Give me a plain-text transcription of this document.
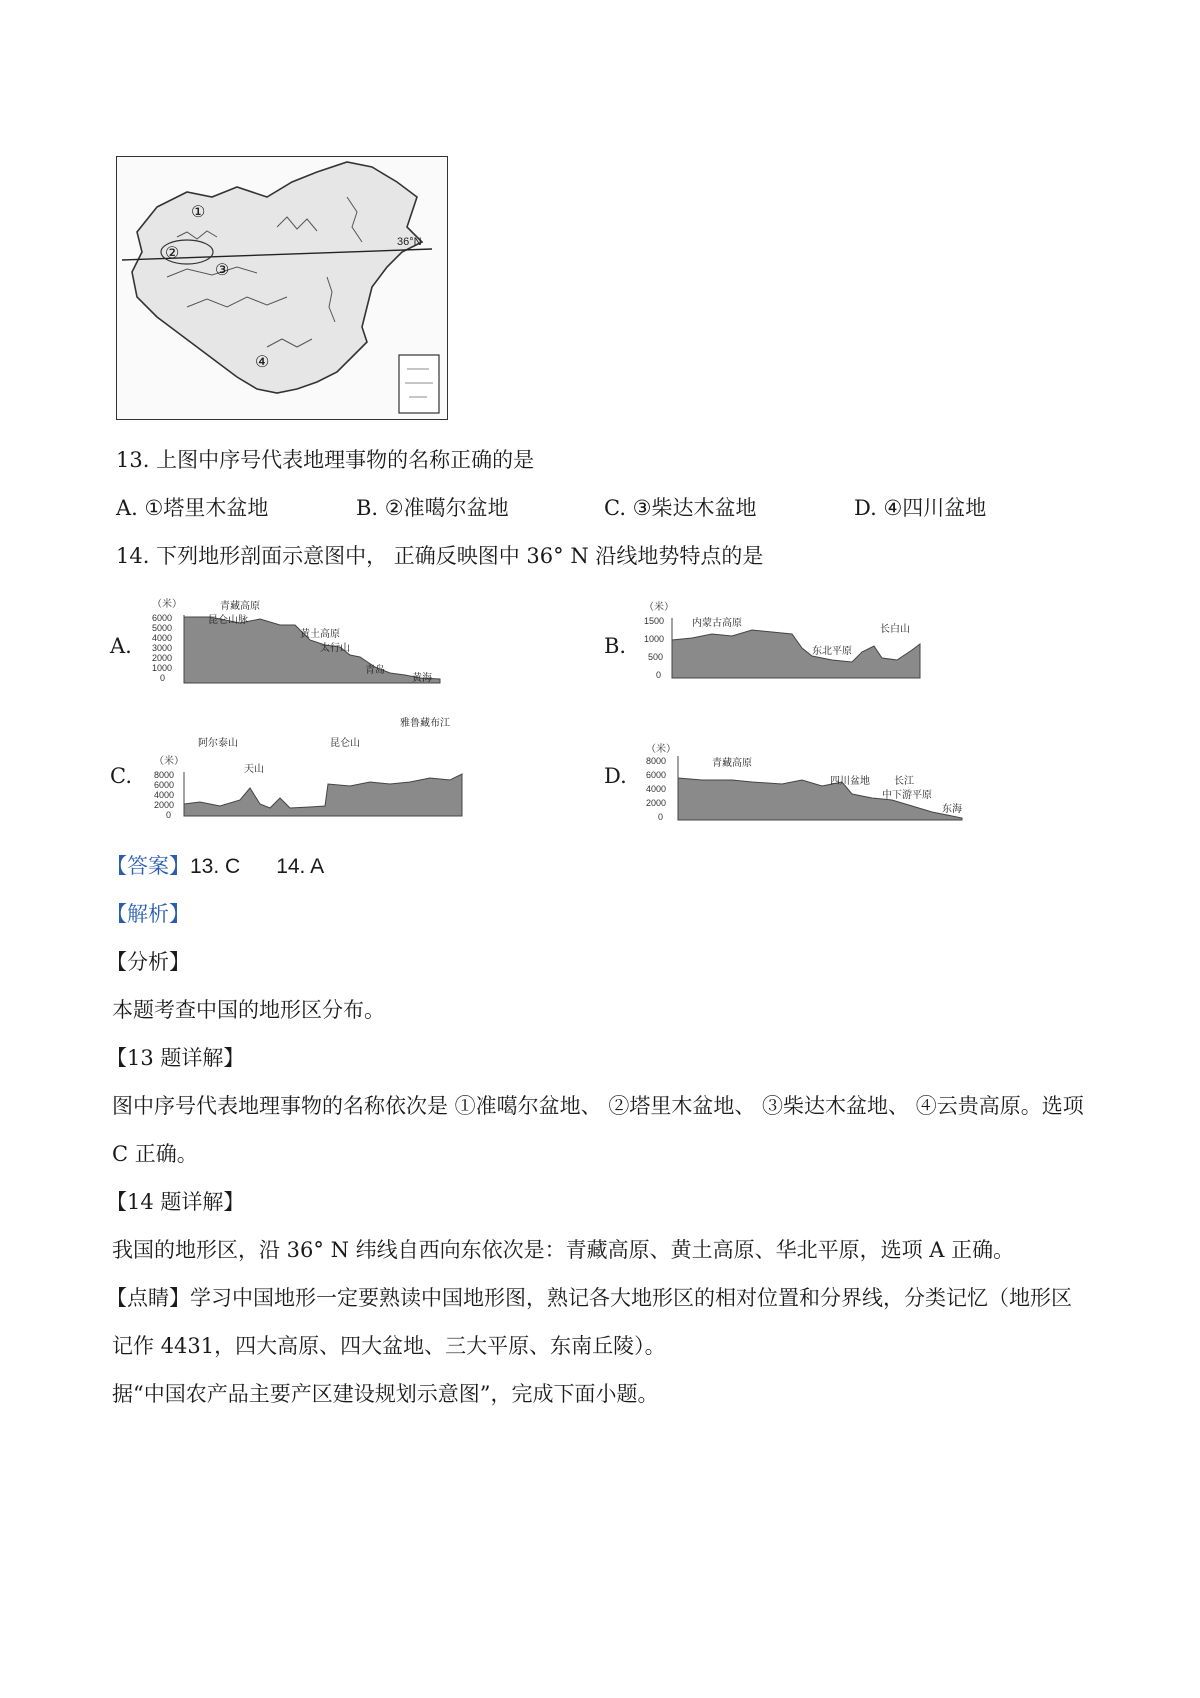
36°N
①
②
③
④
13. 上图中序号代表地理事物的名称正确的是
A. ①塔里木盆地	B. ②准噶尔盆地	C. ③柴达木盆地	D. ④四川盆地
14. 下列地形剖面示意图中， 正确反映图中 36° N 沿线地势特点的是
A.
（米）
6000
5000
4000
3000
2000
1000
0
青藏高原
昆仑山脉
黄土高原
太行山
青岛
黄海
B.
（米）
1500
1000
500
0
内蒙古高原
东北平原
长白山
C.
（米）
8000
6000
4000
2000
0
阿尔泰山
天山
昆仑山
雅鲁藏布江
D.
（米）
8000
6000
4000
2000
0
青藏高原
四川盆地 长江
中下游平原
东海
【答案】13. C 14. A
【解析】
【分析】
本题考查中国的地形区分布。
【13 题详解】
图中序号代表地理事物的名称依次是 ①准噶尔盆地、 ②塔里木盆地、 ③柴达木盆地、 ④云贵高原。选项
C 正确。
【14 题详解】
我国的地形区，沿 36° N 纬线自西向东依次是：青藏高原、黄土高原、华北平原，选项 A 正确。
【点睛】学习中国地形一定要熟读中国地形图，熟记各大地形区的相对位置和分界线，分类记忆（地形区
记作 4431，四大高原、四大盆地、三大平原、东南丘陵）。
据“中国农产品主要产区建设规划示意图”，完成下面小题。
